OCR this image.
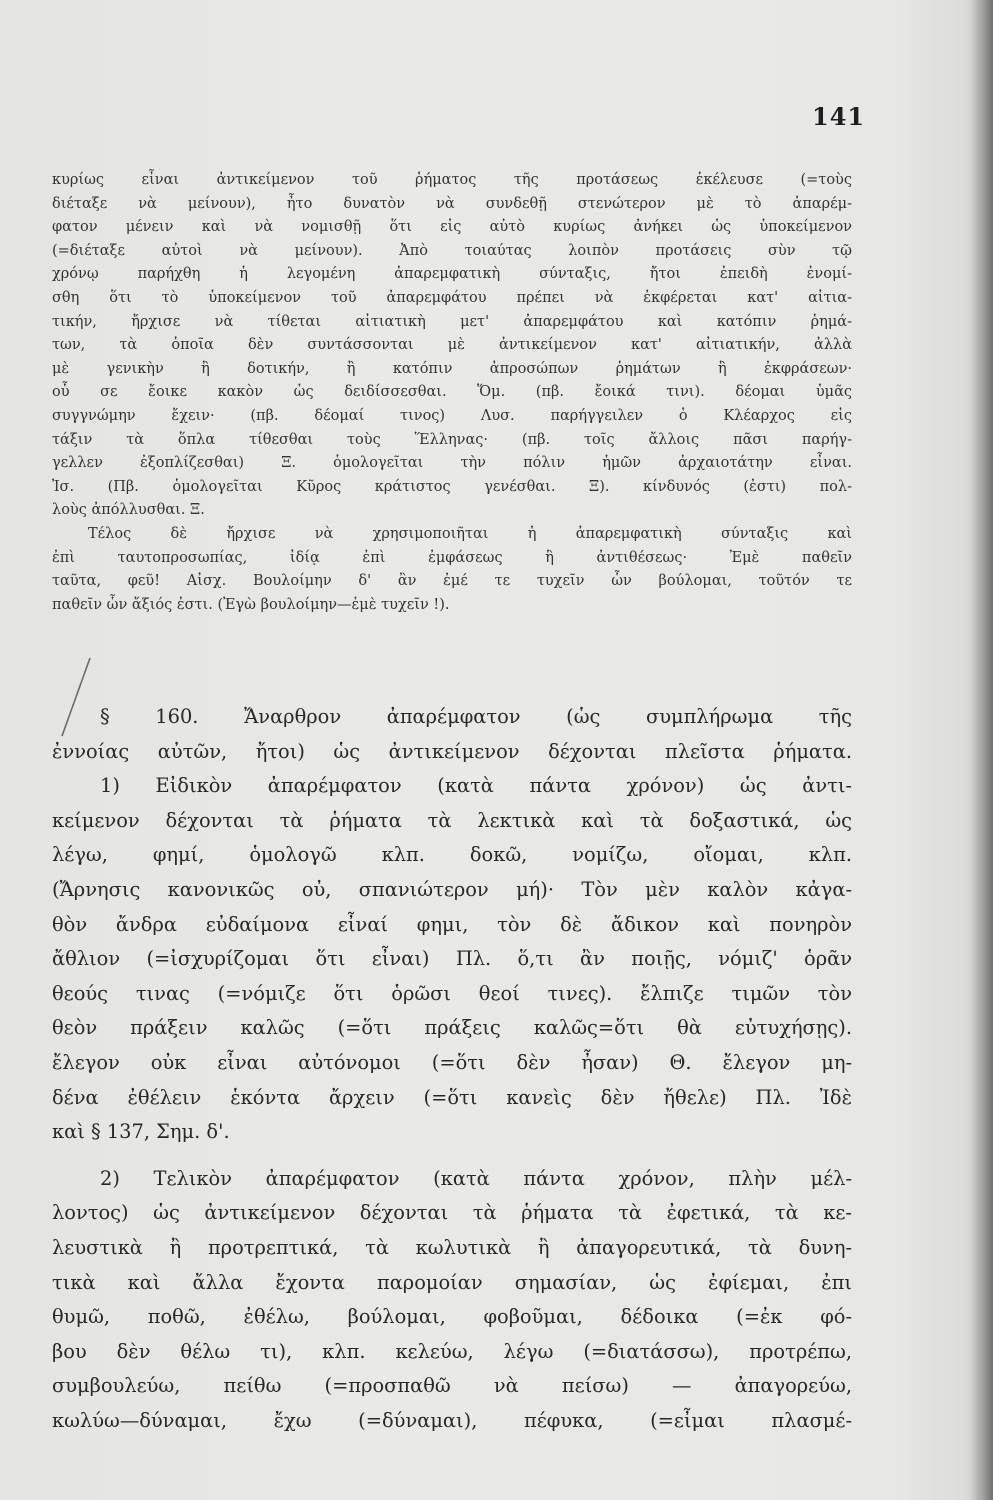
141
κυρίως εἶναι ἀντικείμενον τοῦ ῥήματος τῆς προτάσεως ἐκέλευσε (=τοὺς
διέταξε νὰ μείνουν), ἦτο δυνατὸν νὰ συνδεθῇ στενώτερον μὲ τὸ ἀπαρέμ-
φατον μένειν καὶ νὰ νομισθῇ ὅτι εἰς αὐτὸ κυρίως ἀνήκει ὡς ὑποκείμενον
(=διέταξε αὐτοὶ νὰ μείνουν). Ἀπὸ τοιαύτας λοιπὸν προτάσεις σὺν τῷ
χρόνῳ παρήχθη ἡ λεγομένη ἀπαρεμφατικὴ σύνταξις, ἤτοι ἐπειδὴ ἐνομί-
σθη ὅτι τὸ ὑποκείμενον τοῦ ἀπαρεμφάτου πρέπει νὰ ἐκφέρεται κατ' αἰτια-
τικήν, ἤρχισε νὰ τίθεται αἰτιατικὴ μετ' ἀπαρεμφάτου καὶ κατόπιν ῥημά-
των, τὰ ὁποῖα δὲν συντάσσονται μὲ ἀντικείμενον κατ' αἰτιατικήν, ἀλλὰ
μὲ γενικὴν ἢ δοτικήν, ἢ κατόπιν ἀπροσώπων ῥημάτων ἢ ἐκφράσεων·
οὗ σε ἔοικε κακὸν ὡς δειδίσσεσθαι. Ὅμ. (πβ. ἔοικά τινι). δέομαι ὑμᾶς
συγγνώμην ἔχειν· (πβ. δέομαί τινος) Λυσ. παρήγγειλεν ὁ Κλέαρχος εἰς
τάξιν τὰ ὅπλα τίθεσθαι τοὺς Ἕλληνας· (πβ. τοῖς ἄλλοις πᾶσι παρήγ-
γελλεν ἐξοπλίζεσθαι) Ξ. ὁμολογεῖται τὴν πόλιν ἡμῶν ἀρχαιοτάτην εἶναι.
Ἰσ. (Πβ. ὁμολογεῖται Κῦρος κράτιστος γενέσθαι. Ξ). κίνδυνός (ἐστι) πολ-
λοὺς ἀπόλλυσθαι. Ξ.
Τέλος δὲ ἤρχισε νὰ χρησιμοποιῆται ἡ ἀπαρεμφατικὴ σύνταξις καὶ
ἐπὶ ταυτοπροσωπίας, ἰδίᾳ ἐπὶ ἐμφάσεως ἢ ἀντιθέσεως· Ἐμὲ παθεῖν
ταῦτα, φεῦ! Αἰσχ. Βουλοίμην δ' ἂν ἐμέ τε τυχεῖν ὧν βούλομαι, τοῦτόν τε
παθεῖν ὧν ἄξιός ἐστι. (Ἐγὼ βουλοίμην—ἐμὲ τυχεῖν !).
§ 160. Ἄναρθρον ἀπαρέμφατον (ὡς συμπλήρωμα τῆς
ἐννοίας αὐτῶν, ἤτοι) ὡς ἀντικείμενον δέχονται πλεῖστα ῥήματα.
1) Εἰδικὸν ἀπαρέμφατον (κατὰ πάντα χρόνον) ὡς ἀντι-
κείμενον δέχονται τὰ ῥήματα τὰ λεκτικὰ καὶ τὰ δοξαστικά, ὡς
λέγω, φημί, ὁμολογῶ κλπ. δοκῶ, νομίζω, οἴομαι, κλπ.
(Ἄρνησις κανονικῶς οὐ, σπανιώτερον μή)· Τὸν μὲν καλὸν κἀγα-
θὸν ἄνδρα εὐδαίμονα εἶναί φημι, τὸν δὲ ἄδικον καὶ πονηρὸν
ἄθλιον (=ἰσχυρίζομαι ὅτι εἶναι) Πλ. ὅ,τι ἂν ποιῇς, νόμιζ' ὁρᾶν
θεούς τινας (=νόμιζε ὅτι ὁρῶσι θεοί τινες). ἔλπιζε τιμῶν τὸν
θεὸν πράξειν καλῶς (=ὅτι πράξεις καλῶς=ὅτι θὰ εὐτυχήσῃς).
ἔλεγον οὐκ εἶναι αὐτόνομοι (=ὅτι δὲν ἦσαν) Θ. ἔλεγον μη-
δένα ἐθέλειν ἑκόντα ἄρχειν (=ὅτι κανεὶς δὲν ἤθελε) Πλ. Ἰδὲ
καὶ § 137, Σημ. δ'.
2) Τελικὸν ἀπαρέμφατον (κατὰ πάντα χρόνον, πλὴν μέλ-
λοντος) ὡς ἀντικείμενον δέχονται τὰ ῥήματα τὰ ἐφετικά, τὰ κε-
λευστικὰ ἢ προτρεπτικά, τὰ κωλυτικὰ ἢ ἀπαγορευτικά, τὰ δυνη-
τικὰ καὶ ἄλλα ἔχοντα παρομοίαν σημασίαν, ὡς ἐφίεμαι, ἐπι
θυμῶ, ποθῶ, ἐθέλω, βούλομαι, φοβοῦμαι, δέδοικα (=ἐκ φό-
βου δὲν θέλω τι), κλπ. κελεύω, λέγω (=διατάσσω), προτρέπω,
συμβουλεύω, πείθω (=προσπαθῶ νὰ πείσω) — ἀπαγορεύω,
κωλύω—δύναμαι, ἔχω (=δύναμαι), πέφυκα, (=εἶμαι πλασμέ-
